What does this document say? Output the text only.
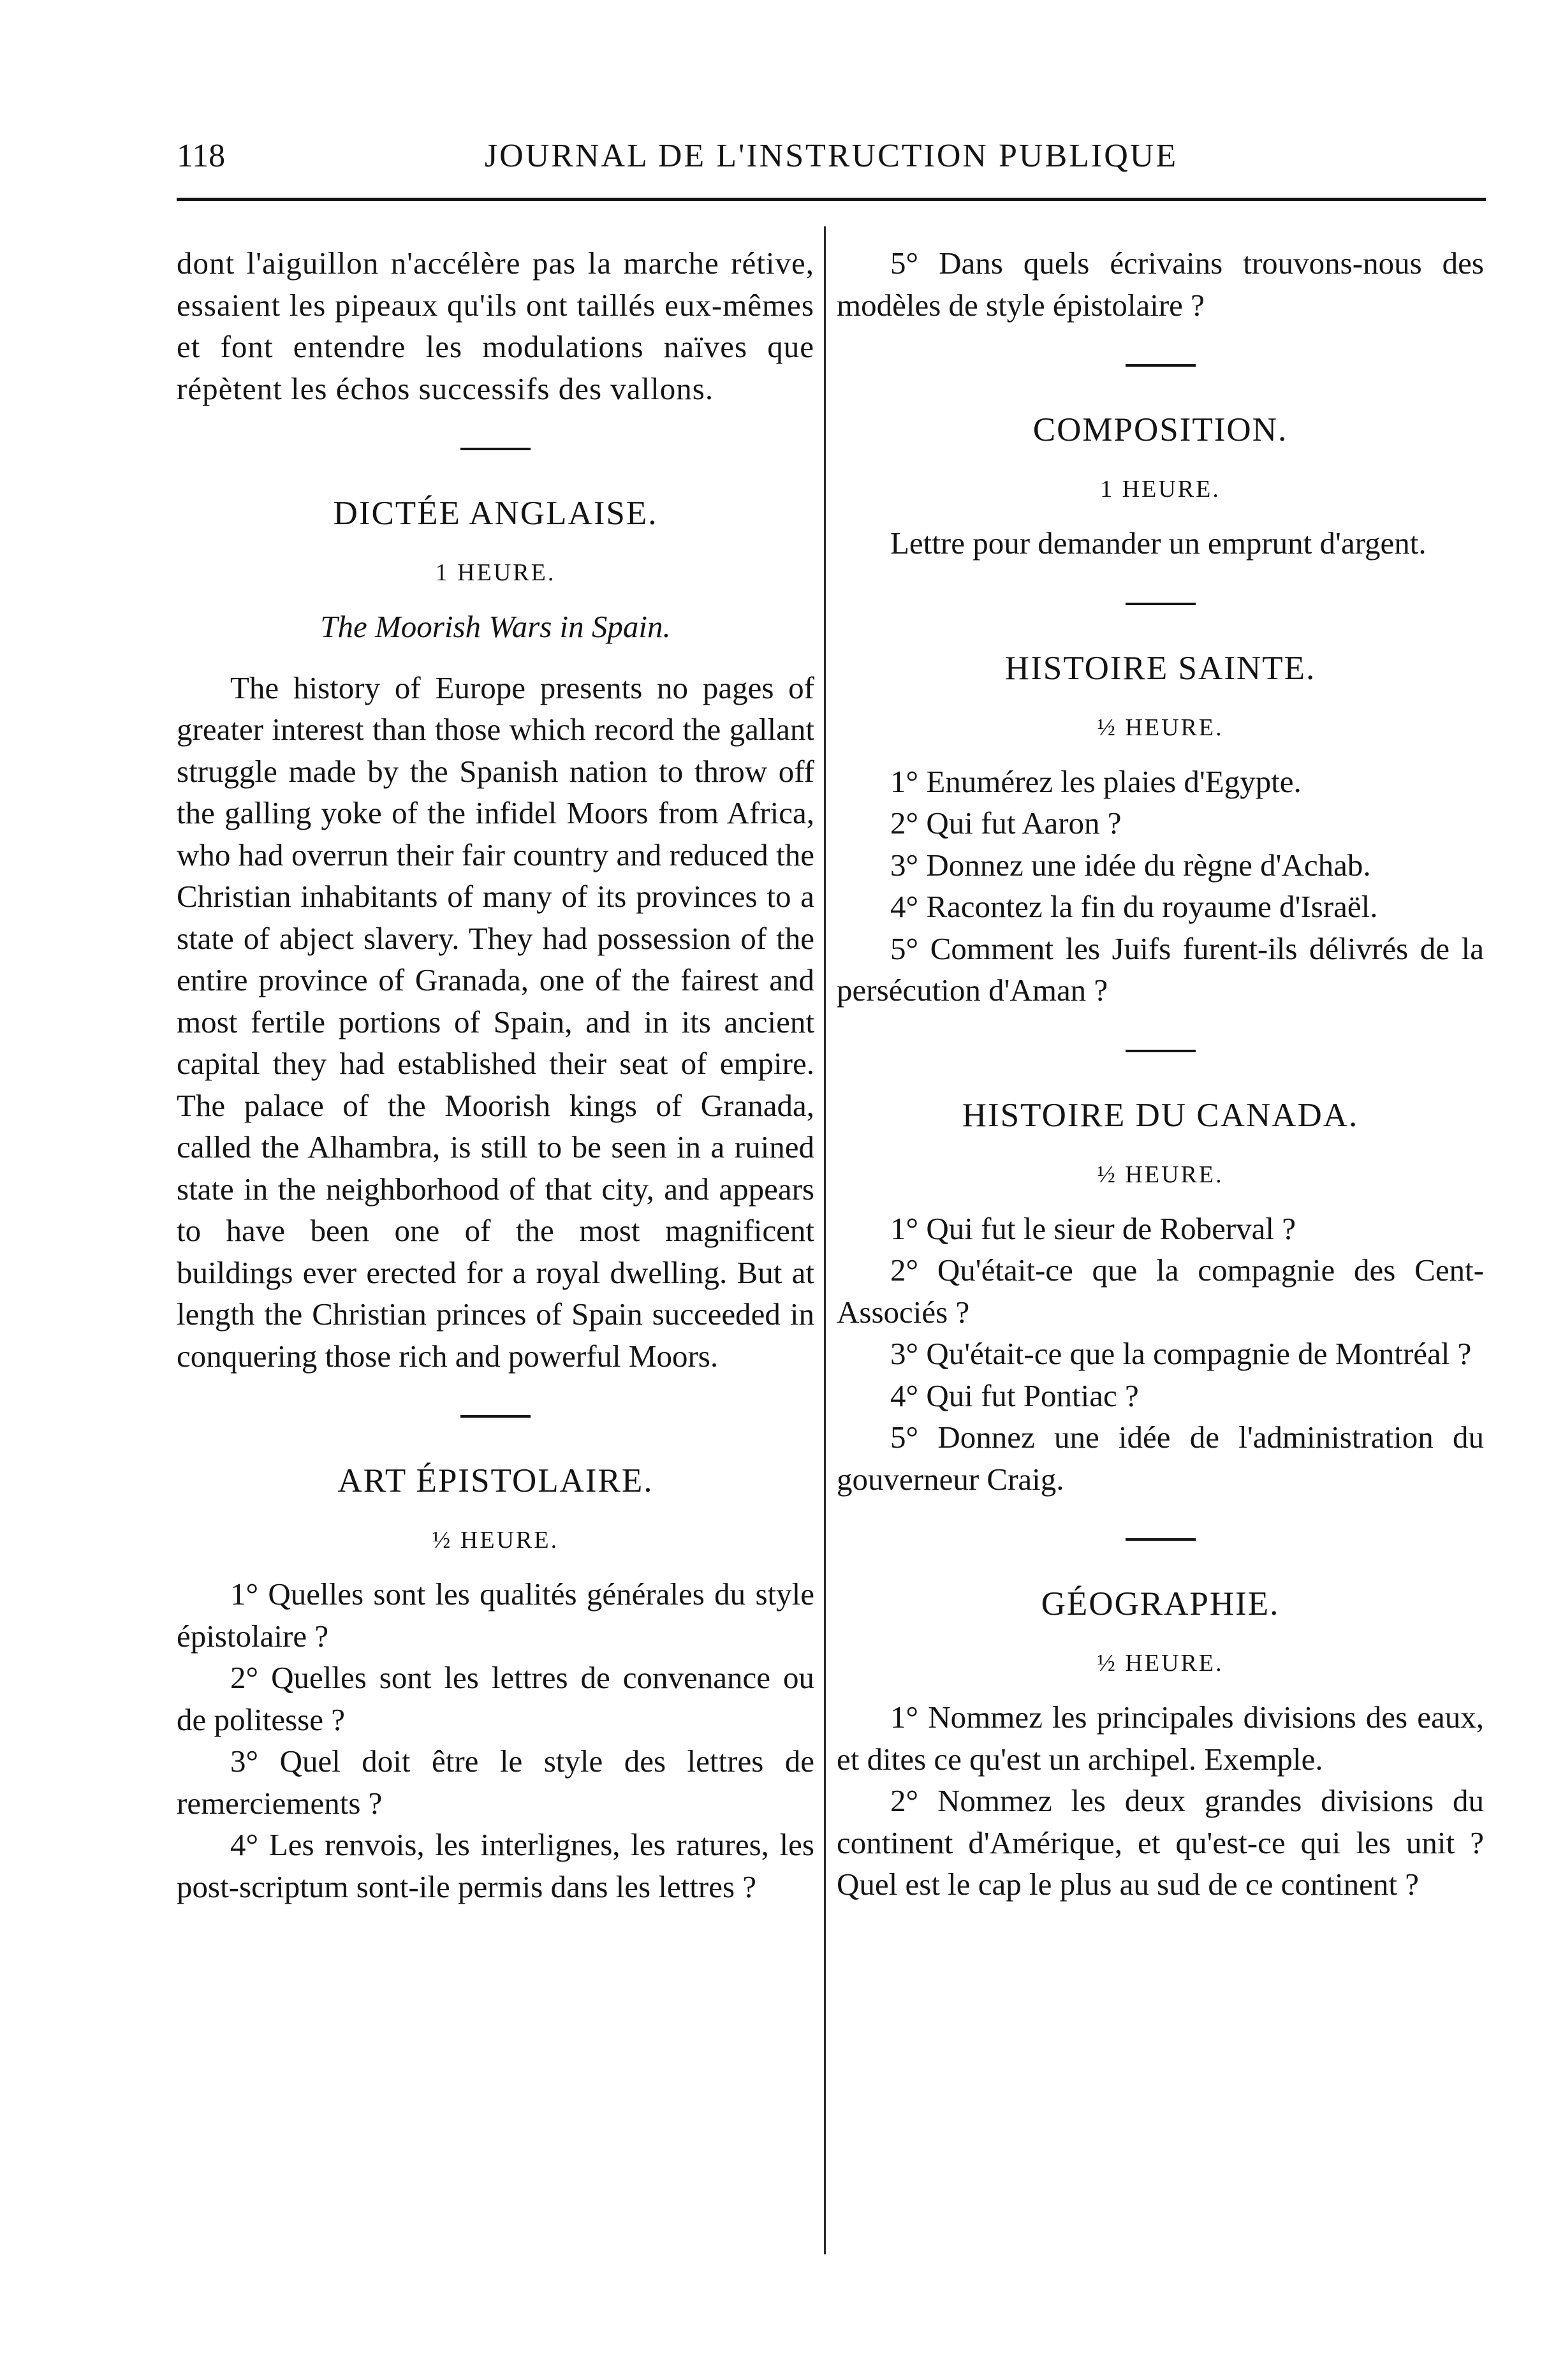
118	JOURNAL DE L'INSTRUCTION PUBLIQUE

dont l'aiguillon n'accélère pas la marche rétive, essaient les pipeaux qu'ils ont taillés eux-mêmes et font entendre les modulations naïves que répètent les échos successifs des vallons.

DICTÉE ANGLAISE.
1 HEURE.
The Moorish Wars in Spain.

The history of Europe presents no pages of greater interest than those which record the gallant struggle made by the Spanish nation to throw off the galling yoke of the infidel Moors from Africa, who had overrun their fair country and reduced the Christian inhabitants of many of its provinces to a state of abject slavery. They had possession of the entire province of Granada, one of the fairest and most fertile portions of Spain, and in its ancient capital they had established their seat of empire. The palace of the Moorish kings of Granada, called the Alhambra, is still to be seen in a ruined state in the neighborhood of that city, and appears to have been one of the most magnificent buildings ever erected for a royal dwelling. But at length the Christian princes of Spain succeeded in conquering those rich and powerful Moors.

ART ÉPISTOLAIRE.
½ HEURE.

1° Quelles sont les qualités générales du style épistolaire ?

2° Quelles sont les lettres de convenance ou de politesse ?

3° Quel doit être le style des lettres de remerciements ?

4° Les renvois, les interlignes, les ratures, les post-scriptum sont-ile permis dans les lettres ?

5° Dans quels écrivains trouvons-nous des modèles de style épistolaire ?

COMPOSITION.
1 HEURE.

Lettre pour demander un emprunt d'argent.

HISTOIRE SAINTE.
½ HEURE.

1° Enumérez les plaies d'Egypte.

2° Qui fut Aaron ?

3° Donnez une idée du règne d'Achab.

4° Racontez la fin du royaume d'Israël.

5° Comment les Juifs furent-ils délivrés de la persécution d'Aman ?

HISTOIRE DU CANADA.
½ HEURE.

1° Qui fut le sieur de Roberval ?

2° Qu'était-ce que la compagnie des Cent-Associés ?

3° Qu'était-ce que la compagnie de Montréal ?

4° Qui fut Pontiac ?

5° Donnez une idée de l'administration du gouverneur Craig.

GÉOGRAPHIE.
½ HEURE.

1° Nommez les principales divisions des eaux, et dites ce qu'est un archipel. Exemple.

2° Nommez les deux grandes divisions du continent d'Amérique, et qu'est-ce qui les unit ? Quel est le cap le plus au sud de ce continent ?
